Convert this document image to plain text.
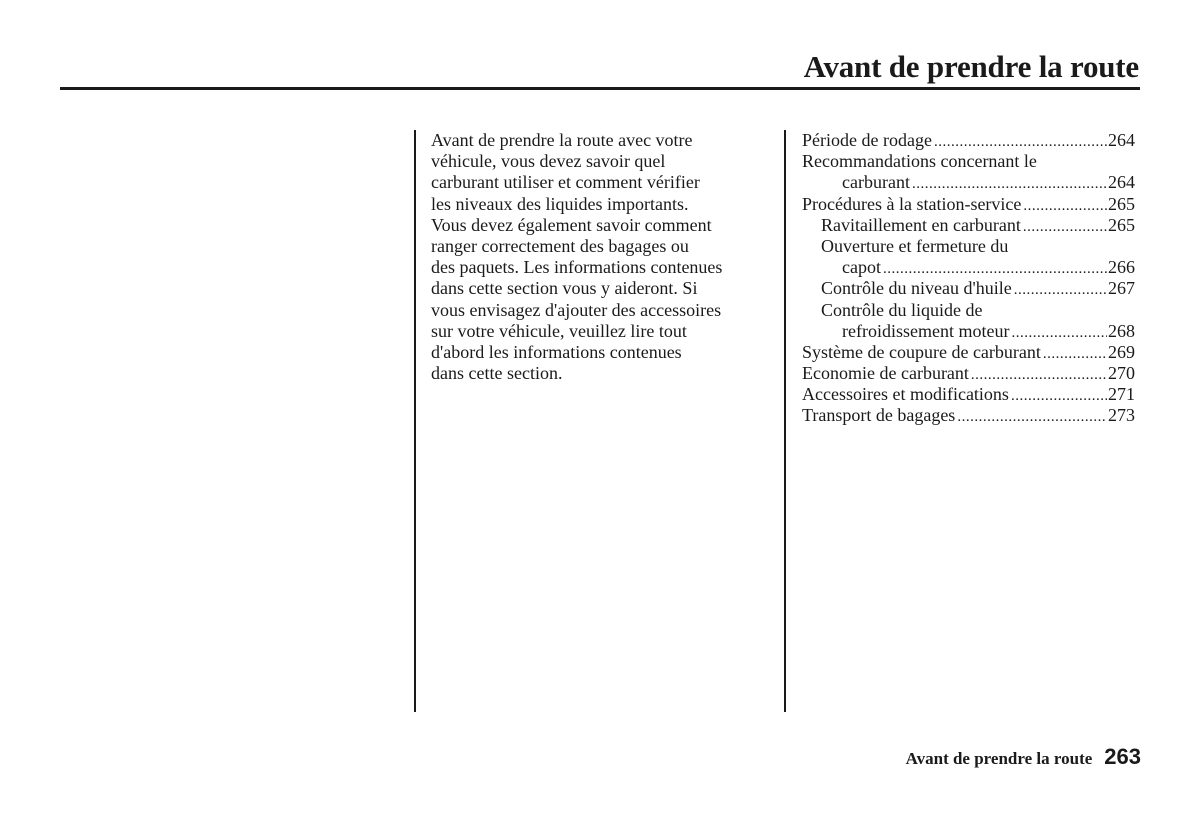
Avant de prendre la route
Avant de prendre la route avec votre
véhicule, vous devez savoir quel
carburant utiliser et comment vérifier
les niveaux des liquides importants.
Vous devez également savoir comment
ranger correctement des bagages ou
des paquets. Les informations contenues
dans cette section vous y aideront. Si
vous envisagez d'ajouter des accessoires
sur votre véhicule, veuillez lire tout
d'abord les informations contenues
dans cette section.
Période de rodage .....	264
Recommandations concernant le
carburant .....	264
Procédures à la station-service .....	265
Ravitaillement en carburant .....	265
Ouverture et fermeture du
capot .....	266
Contrôle du niveau d'huile .....	267
Contrôle du liquide de
refroidissement moteur .....	268
Système de coupure de carburant .....	269
Economie de carburant .....	270
Accessoires et modifications .....	271
Transport de bagages .....	273
Avant de prendre la route 263
